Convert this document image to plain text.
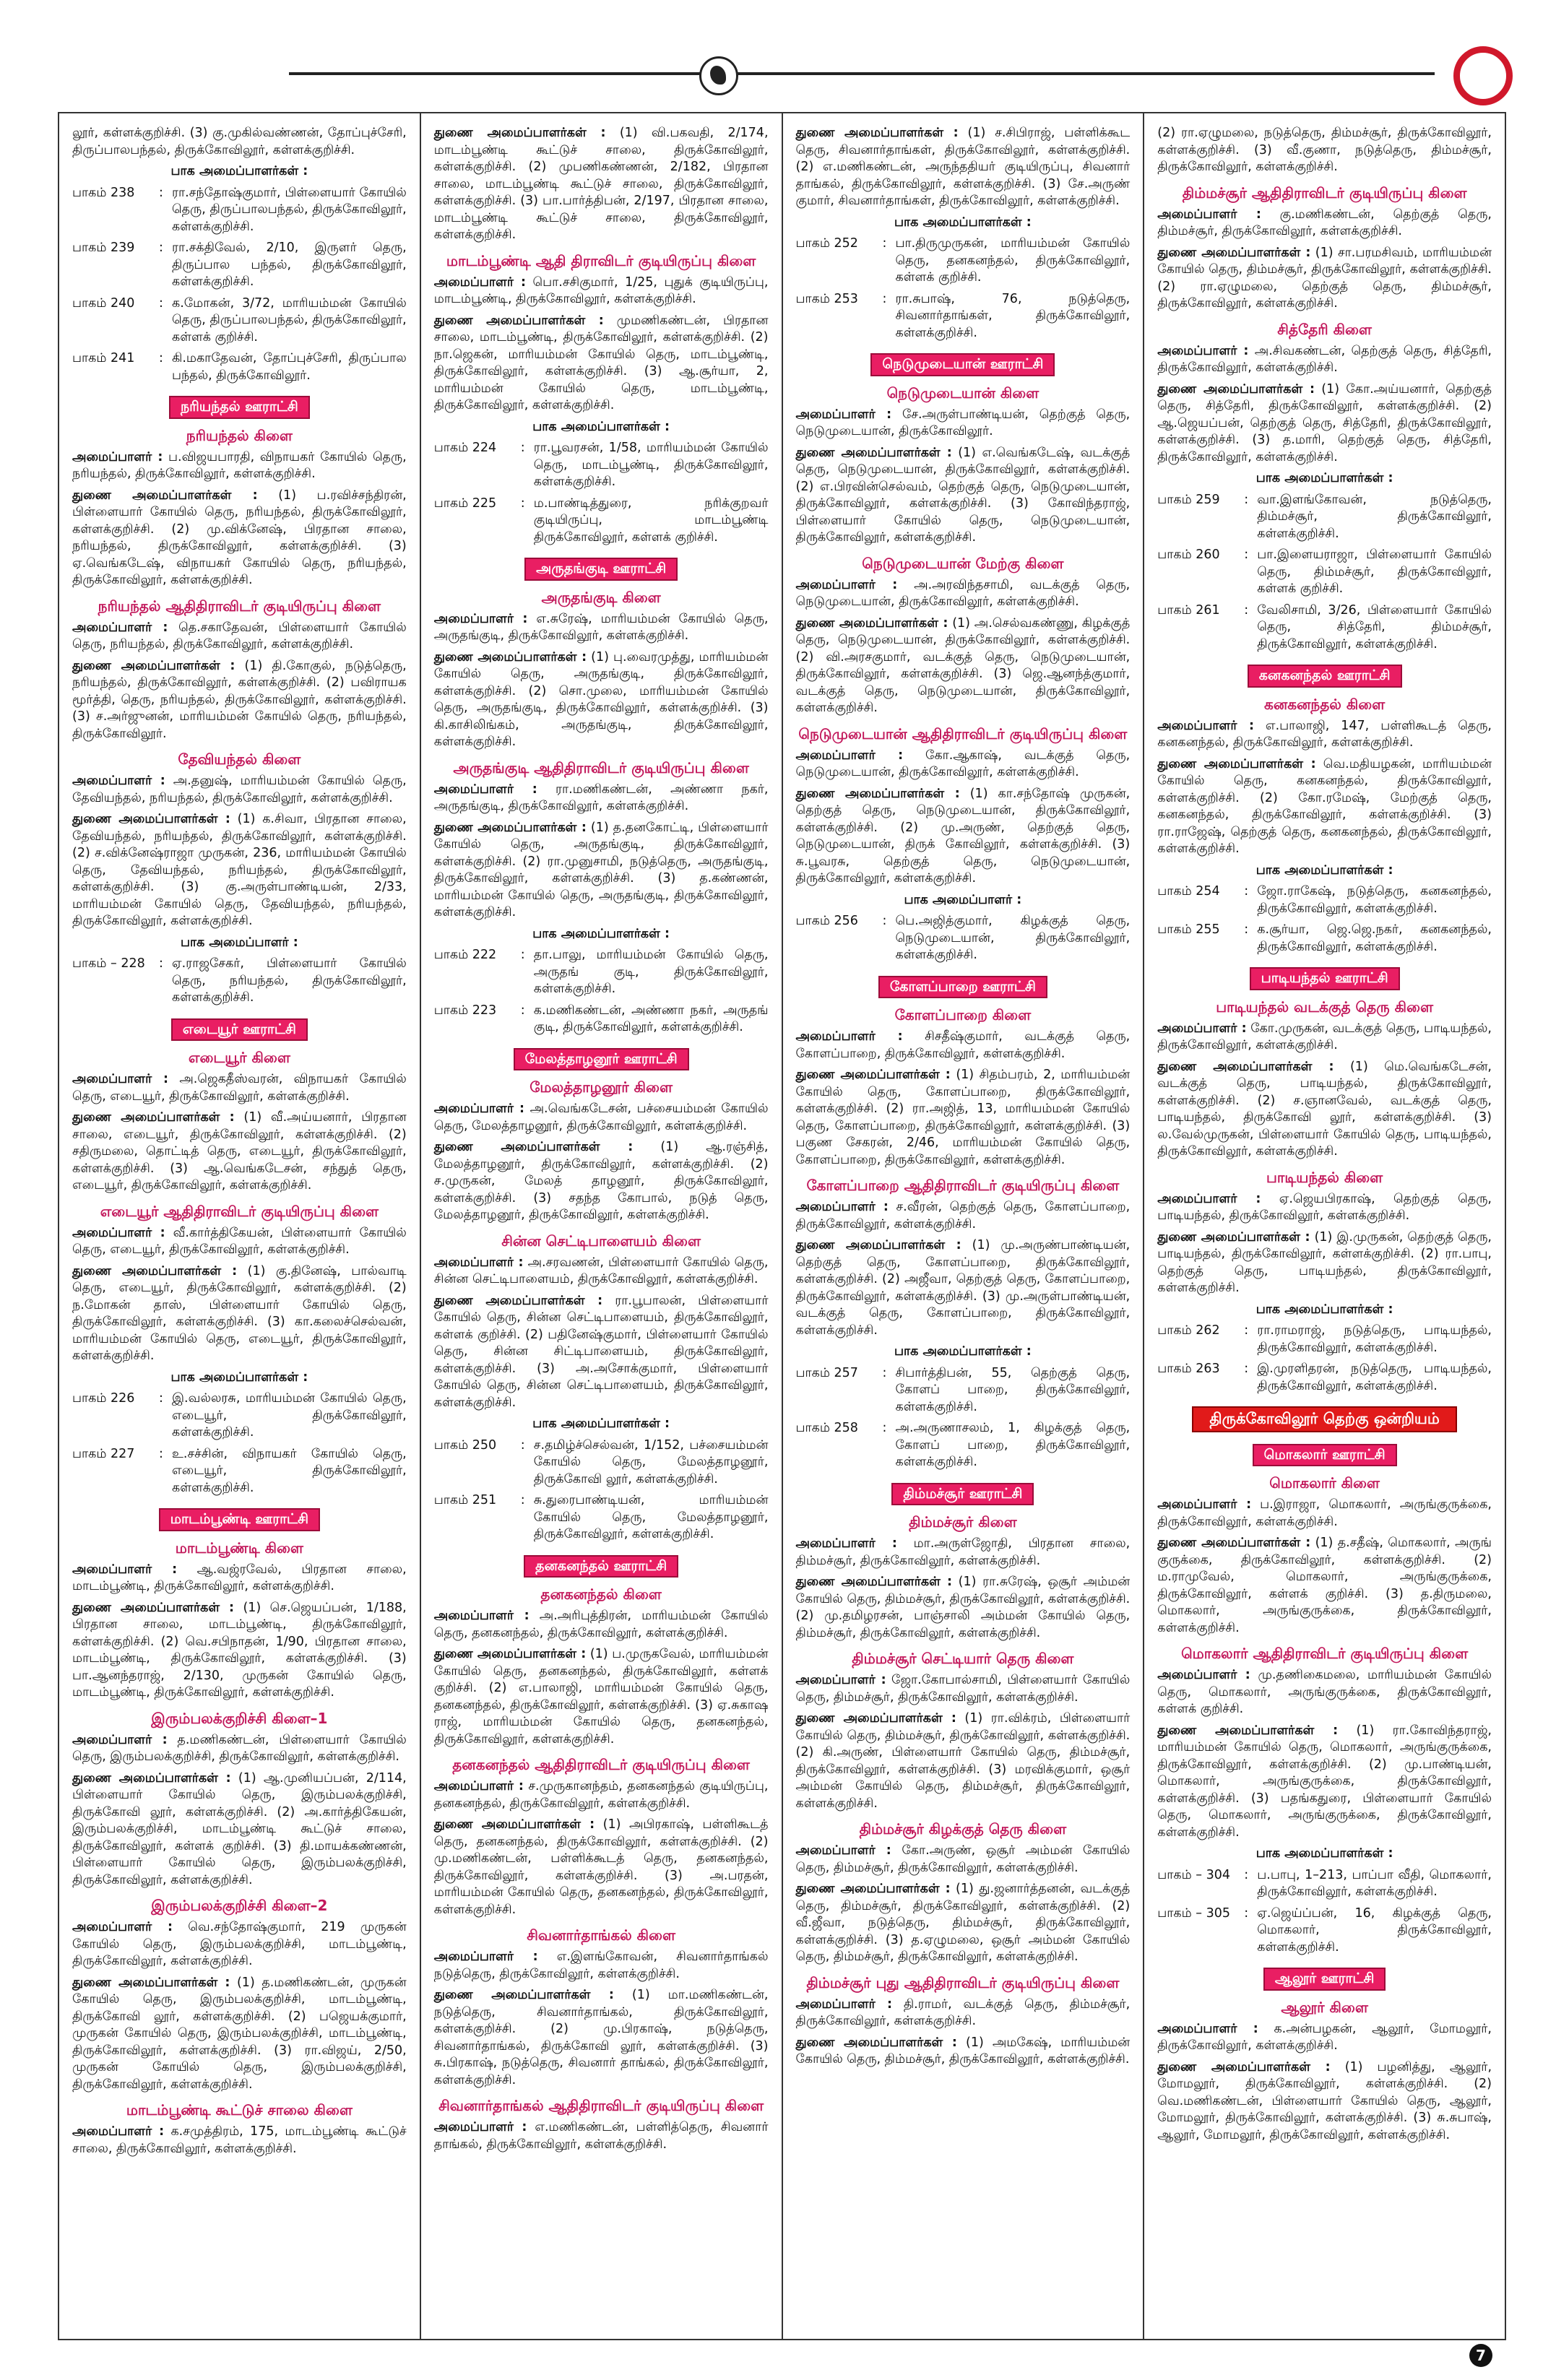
லூர், கள்ளக்குறிச்சி. (3) கு.முகில்வண்ணன், தோப்புச்சேரி, திருப்பாலபந்தல், திருக்கோவிலூர், கள்ளக்குறிச்சி.
பாக அமைப்பாளர்கள் :
பாகம் 238	: ரா.சந்தோஷ்குமார், பிள்ளையார் கோயில் தெரு, திருப்பாலபந்தல், திருக்கோவிலூர், கள்ளக்குறிச்சி.
பாகம் 239	: ரா.சக்திவேல், 2/10, இருளர் தெரு, திருப்பால பந்தல், திருக்கோவிலூர், கள்ளக்குறிச்சி.
பாகம் 240	: க.மோகன், 3/72, மாரியம்மன் கோயில் தெரு, திருப்பாலபந்தல், திருக்கோவிலூர், கள்ளக் குறிச்சி.
பாகம் 241	: கி.மகாதேவன், தோப்புச்சேரி, திருப்பால பந்தல், திருக்கோவிலூர்.
நரியந்தல் ஊராட்சி
நரியந்தல் கிளை
அமைப்பாளர் : ப.விஜயபாரதி, விநாயகர் கோயில் தெரு, நரியந்தல், திருக்கோவிலூர், கள்ளக்குறிச்சி.
துணை அமைப்பாளர்கள் : (1) ப.ரவிச்சந்திரன், பிள்ளையார் கோயில் தெரு, நரியந்தல், திருக்கோவிலூர், கள்ளக்குறிச்சி. (2) மு.விக்னேஷ், பிரதான சாலை, நரியந்தல், திருக்கோவிலூர், கள்ளக்குறிச்சி. (3) ஏ.வெங்கடேஷ், விநாயகர் கோயில் தெரு, நரியந்தல், திருக்கோவிலூர், கள்ளக்குறிச்சி.
நரியந்தல் ஆதிதிராவிடர் குடியிருப்பு கிளை
அமைப்பாளர் : தெ.சகாதேவன், பிள்ளையார் கோயில் தெரு, நரியந்தல், திருக்கோவிலூர், கள்ளக்குறிச்சி.
துணை அமைப்பாளர்கள் : (1) தி.கோகுல், நடுத்தெரு, நரியந்தல், திருக்கோவிலூர், கள்ளக்குறிச்சி. (2) பவிராயக மூர்த்தி, தெரு, நரியந்தல், திருக்கோவிலூர், கள்ளக்குறிச்சி. (3) ச.அர்ஜுனன், மாரியம்மன் கோயில் தெரு, நரியந்தல், திருக்கோவிலூர்.
தேவியந்தல் கிளை
அமைப்பாளர் : அ.தனுஷ், மாரியம்மன் கோயில் தெரு, தேவியந்தல், நரியந்தல், திருக்கோவிலூர், கள்ளக்குறிச்சி.
துணை அமைப்பாளர்கள் : (1) க.சிவா, பிரதான சாலை, தேவியந்தல், நரியந்தல், திருக்கோவிலூர், கள்ளக்குறிச்சி. (2) ச.விக்னேஷ்ராஜா முருகன், 236, மாரியம்மன் கோயில் தெரு, தேவியந்தல், நரியந்தல், திருக்கோவிலூர், கள்ளக்குறிச்சி. (3) கு.அருள்பாண்டியன், 2/33, மாரியம்மன் கோயில் தெரு, தேவியந்தல், நரியந்தல், திருக்கோவிலூர், கள்ளக்குறிச்சி.
பாக அமைப்பாளர் :
பாகம் – 228	: ஏ.ராஜசேகர், பிள்ளையார் கோயில் தெரு, நரியந்தல், திருக்கோவிலூர், கள்ளக்குறிச்சி.
எடையூர் ஊராட்சி
எடையூர் கிளை
அமைப்பாளர் : அ.ஜெகதீஸ்வரன், விநாயகர் கோயில் தெரு, எடையூர், திருக்கோவிலூர், கள்ளக்குறிச்சி.
துணை அமைப்பாளர்கள் : (1) வீ.அய்யனார், பிரதான சாலை, எடையூர், திருக்கோவிலூர், கள்ளக்குறிச்சி. (2) சதிருமலை, தொட்டித் தெரு, எடையூர், திருக்கோவிலூர், கள்ளக்குறிச்சி. (3) ஆ.வெங்கடேசன், சந்துத் தெரு, எடையூர், திருக்கோவிலூர், கள்ளக்குறிச்சி.
எடையூர் ஆதிதிராவிடர் குடியிருப்பு கிளை
அமைப்பாளர் : வீ.கார்த்திகேயன், பிள்ளையார் கோயில் தெரு, எடையூர், திருக்கோவிலூர், கள்ளக்குறிச்சி.
துணை அமைப்பாளர்கள் : (1) கு.தினேஷ், பால்வாடி தெரு, எடையூர், திருக்கோவிலூர், கள்ளக்குறிச்சி. (2) ந.மோகன் தாஸ், பிள்ளையார் கோயில் தெரு, திருக்கோவிலூர், கள்ளக்குறிச்சி. (3) கா.கலைச்செல்வன், மாரியம்மன் கோயில் தெரு, எடையூர், திருக்கோவிலூர், கள்ளக்குறிச்சி.
பாக அமைப்பாளர்கள் :
பாகம் 226	: இ.வல்லரசு, மாரியம்மன் கோயில் தெரு, எடையூர், திருக்கோவிலூர், கள்ளக்குறிச்சி.
பாகம் 227	: உ.சச்சின், விநாயகர் கோயில் தெரு, எடையூர், திருக்கோவிலூர், கள்ளக்குறிச்சி.
மாடம்பூண்டி ஊராட்சி
மாடம்பூண்டி கிளை
அமைப்பாளர் : ஆ.வஜ்ரவேல், பிரதான சாலை, மாடம்பூண்டி, திருக்கோவிலூர், கள்ளக்குறிச்சி.
துணை அமைப்பாளர்கள் : (1) செ.ஜெயப்பன், 1/188, பிரதான சாலை, மாடம்பூண்டி, திருக்கோவிலூர், கள்ளக்குறிச்சி. (2) வெ.சபிநாதன், 1/90, பிரதான சாலை, மாடம்பூண்டி, திருக்கோவிலூர், கள்ளக்குறிச்சி. (3) பா.ஆனந்தராஜ், 2/130, முருகன் கோயில் தெரு, மாடம்பூண்டி, திருக்கோவிலூர், கள்ளக்குறிச்சி.
இரும்பலக்குறிச்சி கிளை–1
அமைப்பாளர் : த.மணிகண்டன், பிள்ளையார் கோயில் தெரு, இரும்பலக்குறிச்சி, திருக்கோவிலூர், கள்ளக்குறிச்சி.
துணை அமைப்பாளர்கள் : (1) ஆ.முனியப்பன், 2/114, பிள்ளையார் கோயில் தெரு, இரும்பலக்குறிச்சி, திருக்கோவி லூர், கள்ளக்குறிச்சி. (2) அ.கார்த்திகேயன், இரும்பலக்குறிச்சி, மாடம்பூண்டி கூட்டுச் சாலை, திருக்கோவிலூர், கள்ளக் குறிச்சி. (3) தி.மாயக்கண்ணன், பிள்ளையார் கோயில் தெரு, இரும்பலக்குறிச்சி, திருக்கோவிலூர், கள்ளக்குறிச்சி.
இரும்பலக்குறிச்சி கிளை–2
அமைப்பாளர் : வெ.சந்தோஷ்குமார், 219 முருகன் கோயில் தெரு, இரும்பலக்குறிச்சி, மாடம்பூண்டி, திருக்கோவிலூர், கள்ளக்குறிச்சி.
துணை அமைப்பாளர்கள் : (1) த.மணிகண்டன், முருகன் கோயில் தெரு, இரும்பலக்குறிச்சி, மாடம்பூண்டி, திருக்கோவி லூர், கள்ளக்குறிச்சி. (2) பஜெயக்குமார், முருகன் கோயில் தெரு, இரும்பலக்குறிச்சி, மாடம்பூண்டி, திருக்கோவிலூர், கள்ளக்குறிச்சி. (3) ரா.விஜய், 2/50, முருகன் கோயில் தெரு, இரும்பலக்குறிச்சி, திருக்கோவிலூர், கள்ளக்குறிச்சி.
மாடம்பூண்டி கூட்டுச் சாலை கிளை
அமைப்பாளர் : க.சமுத்திரம், 175, மாடம்பூண்டி கூட்டுச் சாலை, திருக்கோவிலூர், கள்ளக்குறிச்சி.
துணை அமைப்பாளர்கள் : (1) வி.பகவதி, 2/174, மாடம்பூண்டி கூட்டுச் சாலை, திருக்கோவிலூர், கள்ளக்குறிச்சி. (2) முபணிகண்ணன், 2/182, பிரதான சாலை, மாடம்பூண்டி கூட்டுச் சாலை, திருக்கோவிலூர், கள்ளக்குறிச்சி. (3) பா.பார்த்திபன், 2/197, பிரதான சாலை, மாடம்பூண்டி கூட்டுச் சாலை, திருக்கோவிலூர், கள்ளக்குறிச்சி.
மாடம்பூண்டி ஆதி திராவிடர் குடியிருப்பு கிளை
அமைப்பாளர் : பொ.சசிகுமார், 1/25, புதுக் குடியிருப்பு, மாடம்பூண்டி, திருக்கோவிலூர், கள்ளக்குறிச்சி.
துணை அமைப்பாளர்கள் : முமணிகண்டன், பிரதான சாலை, மாடம்பூண்டி, திருக்கோவிலூர், கள்ளக்குறிச்சி. (2) நா.ஜெகன், மாரியம்மன் கோயில் தெரு, மாடம்பூண்டி, திருக்கோவிலூர், கள்ளக்குறிச்சி. (3) ஆ.சூர்யா, 2, மாரியம்மன் கோயில் தெரு, மாடம்பூண்டி, திருக்கோவிலூர், கள்ளக்குறிச்சி.
பாக அமைப்பாளர்கள் :
பாகம் 224	: ரா.பூவரசன், 1/58, மாரியம்மன் கோயில் தெரு, மாடம்பூண்டி, திருக்கோவிலூர், கள்ளக்குறிச்சி.
பாகம் 225	: ம.பாண்டித்துரை, நரிக்குறவர் குடியிருப்பு, மாடம்பூண்டி திருக்கோவிலூர், கள்ளக் குறிச்சி.
அருதங்குடி ஊராட்சி
அருதங்குடி கிளை
அமைப்பாளர் : எ.சுரேஷ், மாரியம்மன் கோயில் தெரு, அருதங்குடி, திருக்கோவிலூர், கள்ளக்குறிச்சி.
துணை அமைப்பாளர்கள் : (1) பு.வைரமுத்து, மாரியம்மன் கோயில் தெரு, அருதங்குடி, திருக்கோவிலூர், கள்ளக்குறிச்சி. (2) சொ.முலை, மாரியம்மன் கோயில் தெரு, அருதங்குடி, திருக்கோவிலூர், கள்ளக்குறிச்சி. (3) கி.காசிலிங்கம், அருதங்குடி, திருக்கோவிலூர், கள்ளக்குறிச்சி.
அருதங்குடி ஆதிதிராவிடர் குடியிருப்பு கிளை
அமைப்பாளர் : ரா.மணிகண்டன், அண்ணா நகர், அருதங்குடி, திருக்கோவிலூர், கள்ளக்குறிச்சி.
துணை அமைப்பாளர்கள் : (1) த.தனகோட்டி, பிள்ளையார் கோயில் தெரு, அருதங்குடி, திருக்கோவிலூர், கள்ளக்குறிச்சி. (2) ரா.முனுசாமி, நடுத்தெரு, அருதங்குடி, திருக்கோவிலூர், கள்ளக்குறிச்சி. (3) த.கண்ணன், மாரியம்மன் கோயில் தெரு, அருதங்குடி, திருக்கோவிலூர், கள்ளக்குறிச்சி.
பாக அமைப்பாளர்கள் :
பாகம் 222	: தா.பாலு, மாரியம்மன் கோயில் தெரு, அருதங் குடி, திருக்கோவிலூர், கள்ளக்குறிச்சி.
பாகம் 223	: க.மணிகண்டன், அண்ணா நகர், அருதங் குடி, திருக்கோவிலூர், கள்ளக்குறிச்சி.
மேலத்தாழனூர் ஊராட்சி
மேலத்தாழனூர் கிளை
அமைப்பாளர் : அ.வெங்கடேசன், பச்சையம்மன் கோயில் தெரு, மேலத்தாழனூர், திருக்கோவிலூர், கள்ளக்குறிச்சி.
துணை அமைப்பாளர்கள் : (1) ஆ.ரஞ்சித், மேலத்தாழனூர், திருக்கோவிலூர், கள்ளக்குறிச்சி. (2) ச.முருகன், மேலத் தாழனூர், திருக்கோவிலூர், கள்ளக்குறிச்சி. (3) சதந்த கோபால், நடுத் தெரு, மேலத்தாழனூர், திருக்கோவிலூர், கள்ளக்குறிச்சி.
சின்ன செட்டிபாளையம் கிளை
அமைப்பாளர் : அ.சரவணன், பிள்ளையார் கோயில் தெரு, சின்ன செட்டிபாளையம், திருக்கோவிலூர், கள்ளக்குறிச்சி.
துணை அமைப்பாளர்கள் : ரா.பூபாலன், பிள்ளையார் கோயில் தெரு, சின்ன செட்டிபாளையம், திருக்கோவிலூர், கள்ளக் குறிச்சி. (2) பதினேஷ்குமார், பிள்ளையார் கோயில் தெரு, சின்ன சிட்டிபாளையம், திருக்கோவிலூர், கள்ளக்குறிச்சி. (3) அ.அசோக்குமார், பிள்ளையார் கோயில் தெரு, சின்ன செட்டிபாளையம், திருக்கோவிலூர், கள்ளக்குறிச்சி.
பாக அமைப்பாளர்கள் :
பாகம் 250	: ச.தமிழ்ச்செல்வன், 1/152, பச்சையம்மன் கோயில் தெரு, மேலத்தாழனூர், திருக்கோவி லூர், கள்ளக்குறிச்சி.
பாகம் 251	: சு.துரைபாண்டியன், மாரியம்மன் கோயில் தெரு, மேலத்தாழனூர், திருக்கோவிலூர், கள்ளக்குறிச்சி.
தனகனந்தல் ஊராட்சி
தனகனந்தல் கிளை
அமைப்பாளர் : அ.அரிபுத்திரன், மாரியம்மன் கோயில் தெரு, தனகனந்தல், திருக்கோவிலூர், கள்ளக்குறிச்சி.
துணை அமைப்பாளர்கள் : (1) ப.முருகவேல், மாரியம்மன் கோயில் தெரு, தனகனந்தல், திருக்கோவிலூர், கள்ளக் குறிச்சி. (2) எ.பாலாஜி, மாரியம்மன் கோயில் தெரு, தனகனந்தல், திருக்கோவிலூர், கள்ளக்குறிச்சி. (3) ஏ.சுகாஷ ராஜ், மாரியம்மன் கோயில் தெரு, தனகனந்தல், திருக்கோவிலூர், கள்ளக்குறிச்சி.
தனகனந்தல் ஆதிதிராவிடர் குடியிருப்பு கிளை
அமைப்பாளர் : ச.முருகானந்தம், தனகனந்தல் குடியிருப்பு, தனகனந்தல், திருக்கோவிலூர், கள்ளக்குறிச்சி.
துணை அமைப்பாளர்கள் : (1) அபிரகாஷ், பள்ளிகூடத் தெரு, தனகனந்தல், திருக்கோவிலூர், கள்ளக்குறிச்சி. (2) மு.மணிகண்டன், பள்ளிக்கூடத் தெரு, தனகனந்தல், திருக்கோவிலூர், கள்ளக்குறிச்சி. (3) அ.பரதன், மாரியம்மன் கோயில் தெரு, தனகனந்தல், திருக்கோவிலூர், கள்ளக்குறிச்சி.
சிவனார்தாங்கல் கிளை
அமைப்பாளர் : எ.இளங்கோவன், சிவனார்தாங்கல் நடுத்தெரு, திருக்கோவிலூர், கள்ளக்குறிச்சி.
துணை அமைப்பாளர்கள் : (1) மா.மணிகண்டன், நடுத்தெரு, சிவனார்தாங்கல், திருக்கோவிலூர், கள்ளக்குறிச்சி. (2) மு.பிரகாஷ், நடுத்தெரு, சிவனார்தாங்கல், திருக்கோவி லூர், கள்ளக்குறிச்சி. (3) சு.பிரகாஷ், நடுத்தெரு, சிவனார் தாங்கல், திருக்கோவிலூர், கள்ளக்குறிச்சி.
சிவனார்தாங்கல் ஆதிதிராவிடர் குடியிருப்பு கிளை
அமைப்பாளர் : எ.மணிகண்டன், பள்ளித்தெரு, சிவனார் தாங்கல், திருக்கோவிலூர், கள்ளக்குறிச்சி.
துணை அமைப்பாளர்கள் : (1) ச.சிபிராஜ், பள்ளிக்கூட தெரு, சிவனார்தாங்கள், திருக்கோவிலூர், கள்ளக்குறிச்சி. (2) எ.மணிகண்டன், அருந்ததியர் குடியிருப்பு, சிவனார் தாங்கல், திருக்கோவிலூர், கள்ளக்குறிச்சி. (3) சே.அருண் குமார், சிவனார்தாங்கள், திருக்கோவிலூர், கள்ளக்குறிச்சி.
பாக அமைப்பாளர்கள் :
பாகம் 252	: பா.திருமுருகன், மாரியம்மன் கோயில் தெரு, தனகனந்தல், திருக்கோவிலூர், கள்ளக் குறிச்சி.
பாகம் 253	: ரா.சுபாஷ், 76, நடுத்தெரு, சிவனார்தாங்கள், திருக்கோவிலூர், கள்ளக்குறிச்சி.
நெடுமுடையான் ஊராட்சி
நெடுமுடையான் கிளை
அமைப்பாளர் : சே.அருள்பாண்டியன், தெற்குத் தெரு, நெடுமுடையான், திருக்கோவிலூர்.
துணை அமைப்பாளர்கள் : (1) எ.வெங்கடேஷ், வடக்குத் தெரு, நெடுமுடையான், திருக்கோவிலூர், கள்ளக்குறிச்சி. (2) எ.பிரவின்செல்வம், தெற்குத் தெரு, நெடுமுடையான், திருக்கோவிலூர், கள்ளக்குறிச்சி. (3) கோவிந்தராஜ், பிள்ளையார் கோயில் தெரு, நெடுமுடையான், திருக்கோவிலூர், கள்ளக்குறிச்சி.
நெடுமுடையான் மேற்கு கிளை
அமைப்பாளர் : அ.அரவிந்தசாமி, வடக்குத் தெரு, நெடுமுடையான், திருக்கோவிலூர், கள்ளக்குறிச்சி.
துணை அமைப்பாளர்கள் : (1) அ.செல்வகண்ணு, கிழக்குத் தெரு, நெடுமுடையான், திருக்கோவிலூர், கள்ளக்குறிச்சி. (2) வி.அரசகுமார், வடக்குத் தெரு, நெடுமுடையான், திருக்கோவிலூர், கள்ளக்குறிச்சி. (3) ஜெ.ஆனந்த்குமார், வடக்குத் தெரு, நெடுமுடையான், திருக்கோவிலூர், கள்ளக்குறிச்சி.
நெடுமுடையான் ஆதிதிராவிடர் குடியிருப்பு கிளை
அமைப்பாளர் : கோ.ஆகாஷ், வடக்குத் தெரு, நெடுமுடையான், திருக்கோவிலூர், கள்ளக்குறிச்சி.
துணை அமைப்பாளர்கள் : (1) கா.சந்தோஷ் முருகன், தெற்குத் தெரு, நெடுமுடையான், திருக்கோவிலூர், கள்ளக்குறிச்சி. (2) மு.அருண், தெற்குத் தெரு, நெடுமுடையான், திருக் கோவிலூர், கள்ளக்குறிச்சி. (3) சு.பூவரசு, தெற்குத் தெரு, நெடுமுடையான், திருக்கோவிலூர், கள்ளக்குறிச்சி.
பாக அமைப்பாளர் :
பாகம் 256	: பெ.அஜித்குமார், கிழக்குத் தெரு, நெடுமுடையான், திருக்கோவிலூர், கள்ளக்குறிச்சி.
கோளப்பாறை ஊராட்சி
கோளப்பாறை கிளை
அமைப்பாளர் : சிசதீஷ்குமார், வடக்குத் தெரு, கோளப்பாறை, திருக்கோவிலூர், கள்ளக்குறிச்சி.
துணை அமைப்பாளர்கள் : (1) சிதம்பரம், 2, மாரியம்மன் கோயில் தெரு, கோளப்பாறை, திருக்கோவிலூர், கள்ளக்குறிச்சி. (2) ரா.அஜித், 13, மாரியம்மன் கோயில் தெரு, கோளப்பாறை, திருக்கோவிலூர், கள்ளக்குறிச்சி. (3) பகுண சேகரன், 2/46, மாரியம்மன் கோயில் தெரு, கோளப்பாறை, திருக்கோவிலூர், கள்ளக்குறிச்சி.
கோளப்பாறை ஆதிதிராவிடர் குடியிருப்பு கிளை
அமைப்பாளர் : ச.வீரன், தெற்குத் தெரு, கோளப்பாறை, திருக்கோவிலூர், கள்ளக்குறிச்சி.
துணை அமைப்பாளர்கள் : (1) மு.அருண்பாண்டியன், தெற்குத் தெரு, கோளப்பாறை, திருக்கோவிலூர், கள்ளக்குறிச்சி. (2) அஜீவா, தெற்குத் தெரு, கோளப்பாறை, திருக்கோவிலூர், கள்ளக்குறிச்சி. (3) மு.அருள்பாண்டியன், வடக்குத் தெரு, கோளப்பாறை, திருக்கோவிலூர், கள்ளக்குறிச்சி.
பாக அமைப்பாளர்கள் :
பாகம் 257	: சிபார்த்திபன், 55, தெற்குத் தெரு, கோளப் பாறை, திருக்கோவிலூர், கள்ளக்குறிச்சி.
பாகம் 258	: அ.அருணாசலம், 1, கிழக்குத் தெரு, கோளப் பாறை, திருக்கோவிலூர், கள்ளக்குறிச்சி.
திம்மச்சூர் ஊராட்சி
திம்மச்சூர் கிளை
அமைப்பாளர் : மா.அருள்ஜோதி, பிரதான சாலை, திம்மச்சூர், திருக்கோவிலூர், கள்ளக்குறிச்சி.
துணை அமைப்பாளர்கள் : (1) ரா.சுரேஷ், ஒசூர் அம்மன் கோயில் தெரு, திம்மச்சூர், திருக்கோவிலூர், கள்ளக்குறிச்சி. (2) மு.தமிழரசன், பாஞ்சாலி அம்மன் கோயில் தெரு, திம்மச்சூர், திருக்கோவிலூர், கள்ளக்குறிச்சி.
திம்மச்சூர் செட்டியார் தெரு கிளை
அமைப்பாளர் : ஜோ.கோபால்சாமி, பிள்ளையார் கோயில் தெரு, திம்மச்சூர், திருக்கோவிலூர், கள்ளக்குறிச்சி.
துணை அமைப்பாளர்கள் : (1) ரா.விக்ரம், பிள்ளையார் கோயில் தெரு, திம்மச்சூர், திருக்கோவிலூர், கள்ளக்குறிச்சி. (2) கி.அருண், பிள்ளையார் கோயில் தெரு, திம்மச்சூர், திருக்கோவிலூர், கள்ளக்குறிச்சி. (3) மரவிக்குமார், ஒசூர் அம்மன் கோயில் தெரு, திம்மச்சூர், திருக்கோவிலூர், கள்ளக்குறிச்சி.
திம்மச்சூர் கிழக்குத் தெரு கிளை
அமைப்பாளர் : கோ.அருண், ஒசூர் அம்மன் கோயில் தெரு, திம்மச்சூர், திருக்கோவிலூர், கள்ளக்குறிச்சி.
துணை அமைப்பாளர்கள் : (1) து.ஜனார்த்தனன், வடக்குத் தெரு, திம்மச்சூர், திருக்கோவிலூர், கள்ளக்குறிச்சி. (2) வீ.ஜீவா, நடுத்தெரு, திம்மச்சூர், திருக்கோவிலூர், கள்ளக்குறிச்சி. (3) த.ஏழுமலை, ஒசூர் அம்மன் கோயில் தெரு, திம்மச்சூர், திருக்கோவிலூர், கள்ளக்குறிச்சி.
திம்மச்சூர் புது ஆதிதிராவிடர் குடியிருப்பு கிளை
அமைப்பாளர் : தி.ராமர், வடக்குத் தெரு, திம்மச்சூர், திருக்கோவிலூர், கள்ளக்குறிச்சி.
துணை அமைப்பாளர்கள் : (1) அமகேஷ், மாரியம்மன் கோயில் தெரு, திம்மச்சூர், திருக்கோவிலூர், கள்ளக்குறிச்சி.
(2) ரா.ஏழுமலை, நடுத்தெரு, திம்மச்சூர், திருக்கோவிலூர், கள்ளக்குறிச்சி. (3) வீ.குணா, நடுத்தெரு, திம்மச்சூர், திருக்கோவிலூர், கள்ளக்குறிச்சி.
திம்மச்சூர் ஆதிதிராவிடர் குடியிருப்பு கிளை
அமைப்பாளர் : கு.மணிகண்டன், தெற்குத் தெரு, திம்மச்சூர், திருக்கோவிலூர், கள்ளக்குறிச்சி.
துணை அமைப்பாளர்கள் : (1) சா.பரமசிவம், மாரியம்மன் கோயில் தெரு, திம்மச்சூர், திருக்கோவிலூர், கள்ளக்குறிச்சி. (2) ரா.ஏழுமலை, தெற்குத் தெரு, திம்மச்சூர், திருக்கோவிலூர், கள்ளக்குறிச்சி.
சித்தேரி கிளை
அமைப்பாளர் : அ.சிவகண்டன், தெற்குத் தெரு, சித்தேரி, திருக்கோவிலூர், கள்ளக்குறிச்சி.
துணை அமைப்பாளர்கள் : (1) கோ.அய்யனார், தெற்குத் தெரு, சித்தேரி, திருக்கோவிலூர், கள்ளக்குறிச்சி. (2) ஆ.ஜெயப்பன், தெற்குத் தெரு, சித்தேரி, திருக்கோவிலூர், கள்ளக்குறிச்சி. (3) த.மாரி, தெற்குத் தெரு, சித்தேரி, திருக்கோவிலூர், கள்ளக்குறிச்சி.
பாக அமைப்பாளர்கள் :
பாகம் 259	: வா.இளங்கோவன், நடுத்தெரு, திம்மச்சூர், திருக்கோவிலூர், கள்ளக்குறிச்சி.
பாகம் 260	: பா.இளையராஜா, பிள்ளையார் கோயில் தெரு, திம்மச்சூர், திருக்கோவிலூர், கள்ளக் குறிச்சி.
பாகம் 261	: வேலிசாமி, 3/26, பிள்ளையார் கோயில் தெரு, சித்தேரி, திம்மச்சூர், திருக்கோவிலூர், கள்ளக்குறிச்சி.
கனகனந்தல் ஊராட்சி
கனகனந்தல் கிளை
அமைப்பாளர் : எ.பாலாஜி, 147, பள்ளிகூடத் தெரு, கனகனந்தல், திருக்கோவிலூர், கள்ளக்குறிச்சி.
துணை அமைப்பாளர்கள் : வெ.மதியழகன், மாரியம்மன் கோயில் தெரு, கனகனந்தல், திருக்கோவிலூர், கள்ளக்குறிச்சி. (2) கோ.ரமேஷ், மேற்குத் தெரு, கனகனந்தல், திருக்கோவிலூர், கள்ளக்குறிச்சி. (3) ரா.ராஜேஷ், தெற்குத் தெரு, கனகனந்தல், திருக்கோவிலூர், கள்ளக்குறிச்சி.
பாக அமைப்பாளர்கள் :
பாகம் 254	: ஜோ.ராகேஷ், நடுத்தெரு, கனகனந்தல், திருக்கோவிலூர், கள்ளக்குறிச்சி.
பாகம் 255	: க.சூர்யா, ஜெ.ஜெ.நகர், கனகனந்தல், திருக்கோவிலூர், கள்ளக்குறிச்சி.
பாடியந்தல் ஊராட்சி
பாடியந்தல் வடக்குத் தெரு கிளை
அமைப்பாளர் : கோ.முருகன், வடக்குத் தெரு, பாடியந்தல், திருக்கோவிலூர், கள்ளக்குறிச்சி.
துணை அமைப்பாளர்கள் : (1) மெ.வெங்கடேசன், வடக்குத் தெரு, பாடியந்தல், திருக்கோவிலூர், கள்ளக்குறிச்சி. (2) ச.ஞானவேல், வடக்குத் தெரு, பாடியந்தல், திருக்கோவி லூர், கள்ளக்குறிச்சி. (3) ல.வேல்முருகன், பிள்ளையார் கோயில் தெரு, பாடியந்தல், திருக்கோவிலூர், கள்ளக்குறிச்சி.
பாடியந்தல் கிளை
அமைப்பாளர் : ஏ.ஜெயபிரகாஷ், தெற்குத் தெரு, பாடியந்தல், திருக்கோவிலூர், கள்ளக்குறிச்சி.
துணை அமைப்பாளர்கள் : (1) இ.முருகன், தெற்குத் தெரு, பாடியந்தல், திருக்கோவிலூர், கள்ளக்குறிச்சி. (2) ரா.பாபு, தெற்குத் தெரு, பாடியந்தல், திருக்கோவிலூர், கள்ளக்குறிச்சி.
பாக அமைப்பாளர்கள் :
பாகம் 262	: ரா.ராமராஜ், நடுத்தெரு, பாடியந்தல், திருக்கோவிலூர், கள்ளக்குறிச்சி.
பாகம் 263	: இ.முரளிதரன், நடுத்தெரு, பாடியந்தல், திருக்கோவிலூர், கள்ளக்குறிச்சி.
திருக்கோவிலூர் தெற்கு ஒன்றியம்
மொகலார் ஊராட்சி
மொகலார் கிளை
அமைப்பாளர் : ப.இராஜா, மொகலார், அருங்குருக்கை, திருக்கோவிலூர், கள்ளக்குறிச்சி.
துணை அமைப்பாளர்கள் : (1) த.சதீஷ், மொகலார், அருங் குருக்கை, திருக்கோவிலூர், கள்ளக்குறிச்சி. (2) ம.ராமுவேல், மொகலார், அருங்குருக்கை, திருக்கோவிலூர், கள்ளக் குறிச்சி. (3) த.திருமலை, மொகலார், அருங்குருக்கை, திருக்கோவிலூர், கள்ளக்குறிச்சி.
மொகலார் ஆதிதிராவிடர் குடியிருப்பு கிளை
அமைப்பாளர் : மு.தணிகைமலை, மாரியம்மன் கோயில் தெரு, மொகலார், அருங்குருக்கை, திருக்கோவிலூர், கள்ளக் குறிச்சி.
துணை அமைப்பாளர்கள் : (1) ரா.கோவிந்தராஜ், மாரியம்மன் கோயில் தெரு, மொகலார், அருங்குருக்கை, திருக்கோவிலூர், கள்ளக்குறிச்சி. (2) மு.பாண்டியன், மொகலார், அருங்குருக்கை, திருக்கோவிலூர், கள்ளக்குறிச்சி. (3) பதங்கதுரை, பிள்ளையார் கோயில் தெரு, மொகலார், அருங்குருக்கை, திருக்கோவிலூர், கள்ளக்குறிச்சி.
பாக அமைப்பாளர்கள் :
பாகம் – 304	: ப.பாபு, 1–213, பாப்பா வீதி, மொகலார், திருக்கோவிலூர், கள்ளக்குறிச்சி.
பாகம் – 305	: ஏ.ஜெய்ப்பன், 16, கிழக்குத் தெரு, மொகலார், திருக்கோவிலூர், கள்ளக்குறிச்சி.
ஆலூர் ஊராட்சி
ஆலூர் கிளை
அமைப்பாளர் : க.அன்பழகன், ஆலூர், மோமலூர், திருக்கோவிலூர், கள்ளக்குறிச்சி.
துணை அமைப்பாளர்கள் : (1) பழனித்து, ஆலூர், மோமலூர், திருக்கோவிலூர், கள்ளக்குறிச்சி. (2) வெ.மணிகண்டன், பிள்ளையார் கோயில் தெரு, ஆலூர், மோமலூர், திருக்கோவிலூர், கள்ளக்குறிச்சி. (3) சு.சுபாஷ், ஆலூர், மோமலூர், திருக்கோவிலூர், கள்ளக்குறிச்சி.
7
